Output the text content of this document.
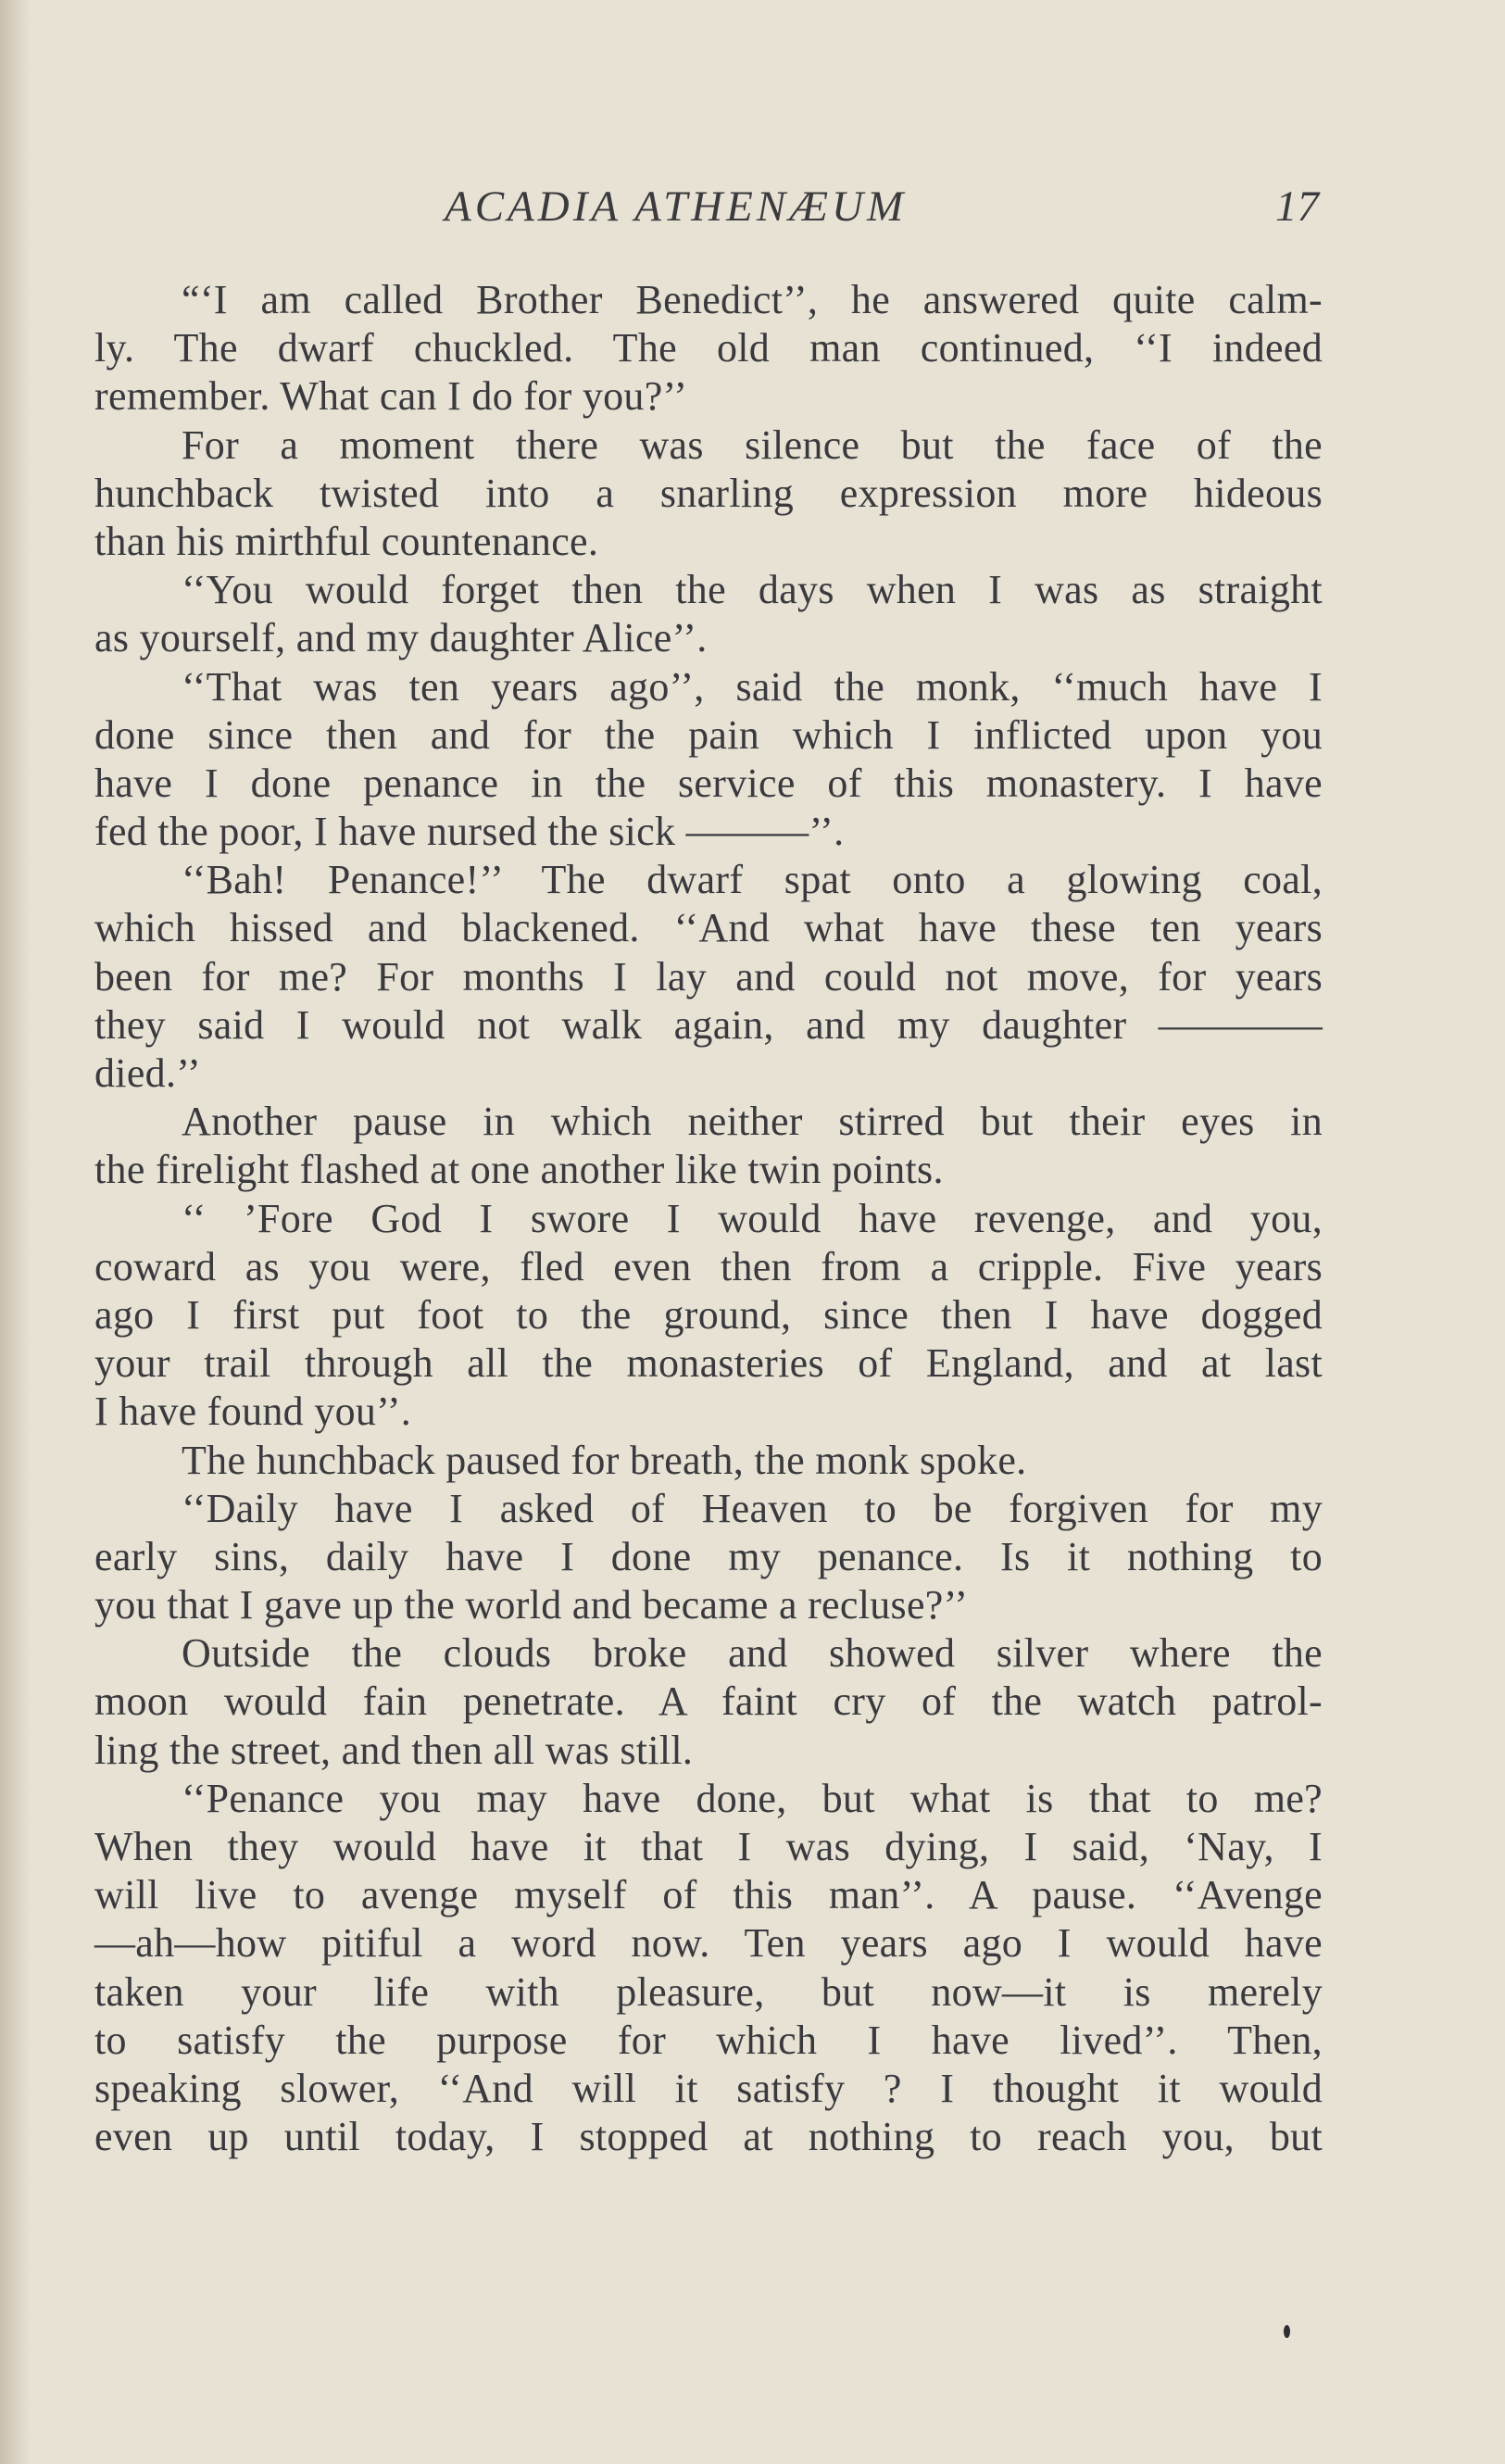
ACADIA ATHENÆUM	17
“‘I am called Brother Benedict’’, he answered quite calm-
ly. The dwarf chuckled. The old man continued, ‘‘I indeed
remember. What can I do for you?’’
For a moment there was silence but the face of the
hunchback twisted into a snarling expression more hideous
than his mirthful countenance.
‘‘You would forget then the days when I was as straight
as yourself, and my daughter Alice’’.
‘‘That was ten years ago’’, said the monk, ‘‘much have I
done since then and for the pain which I inflicted upon you
have I done penance in the service of this monastery. I have
fed the poor, I have nursed the sick ———’’.
‘‘Bah! Penance!’’ The dwarf spat onto a glowing coal,
which hissed and blackened. ‘‘And what have these ten years
been for me? For months I lay and could not move, for years
they said I would not walk again, and my daughter ————
died.’’
Another pause in which neither stirred but their eyes in
the firelight flashed at one another like twin points.
‘‘ ’Fore God I swore I would have revenge, and you,
coward as you were, fled even then from a cripple. Five years
ago I first put foot to the ground, since then I have dogged
your trail through all the monasteries of England, and at last
I have found you’’.
The hunchback paused for breath, the monk spoke.
‘‘Daily have I asked of Heaven to be forgiven for my
early sins, daily have I done my penance. Is it nothing to
you that I gave up the world and became a recluse?’’
Outside the clouds broke and showed silver where the
moon would fain penetrate. A faint cry of the watch patrol-
ling the street, and then all was still.
‘‘Penance you may have done, but what is that to me?
When they would have it that I was dying, I said, ‘Nay, I
will live to avenge myself of this man’’. A pause. ‘‘Avenge
—ah—how pitiful a word now. Ten years ago I would have
taken your life with pleasure, but now—it is merely
to satisfy the purpose for which I have lived’’. Then,
speaking slower, ‘‘And will it satisfy ? I thought it would
even up until today, I stopped at nothing to reach you, but
